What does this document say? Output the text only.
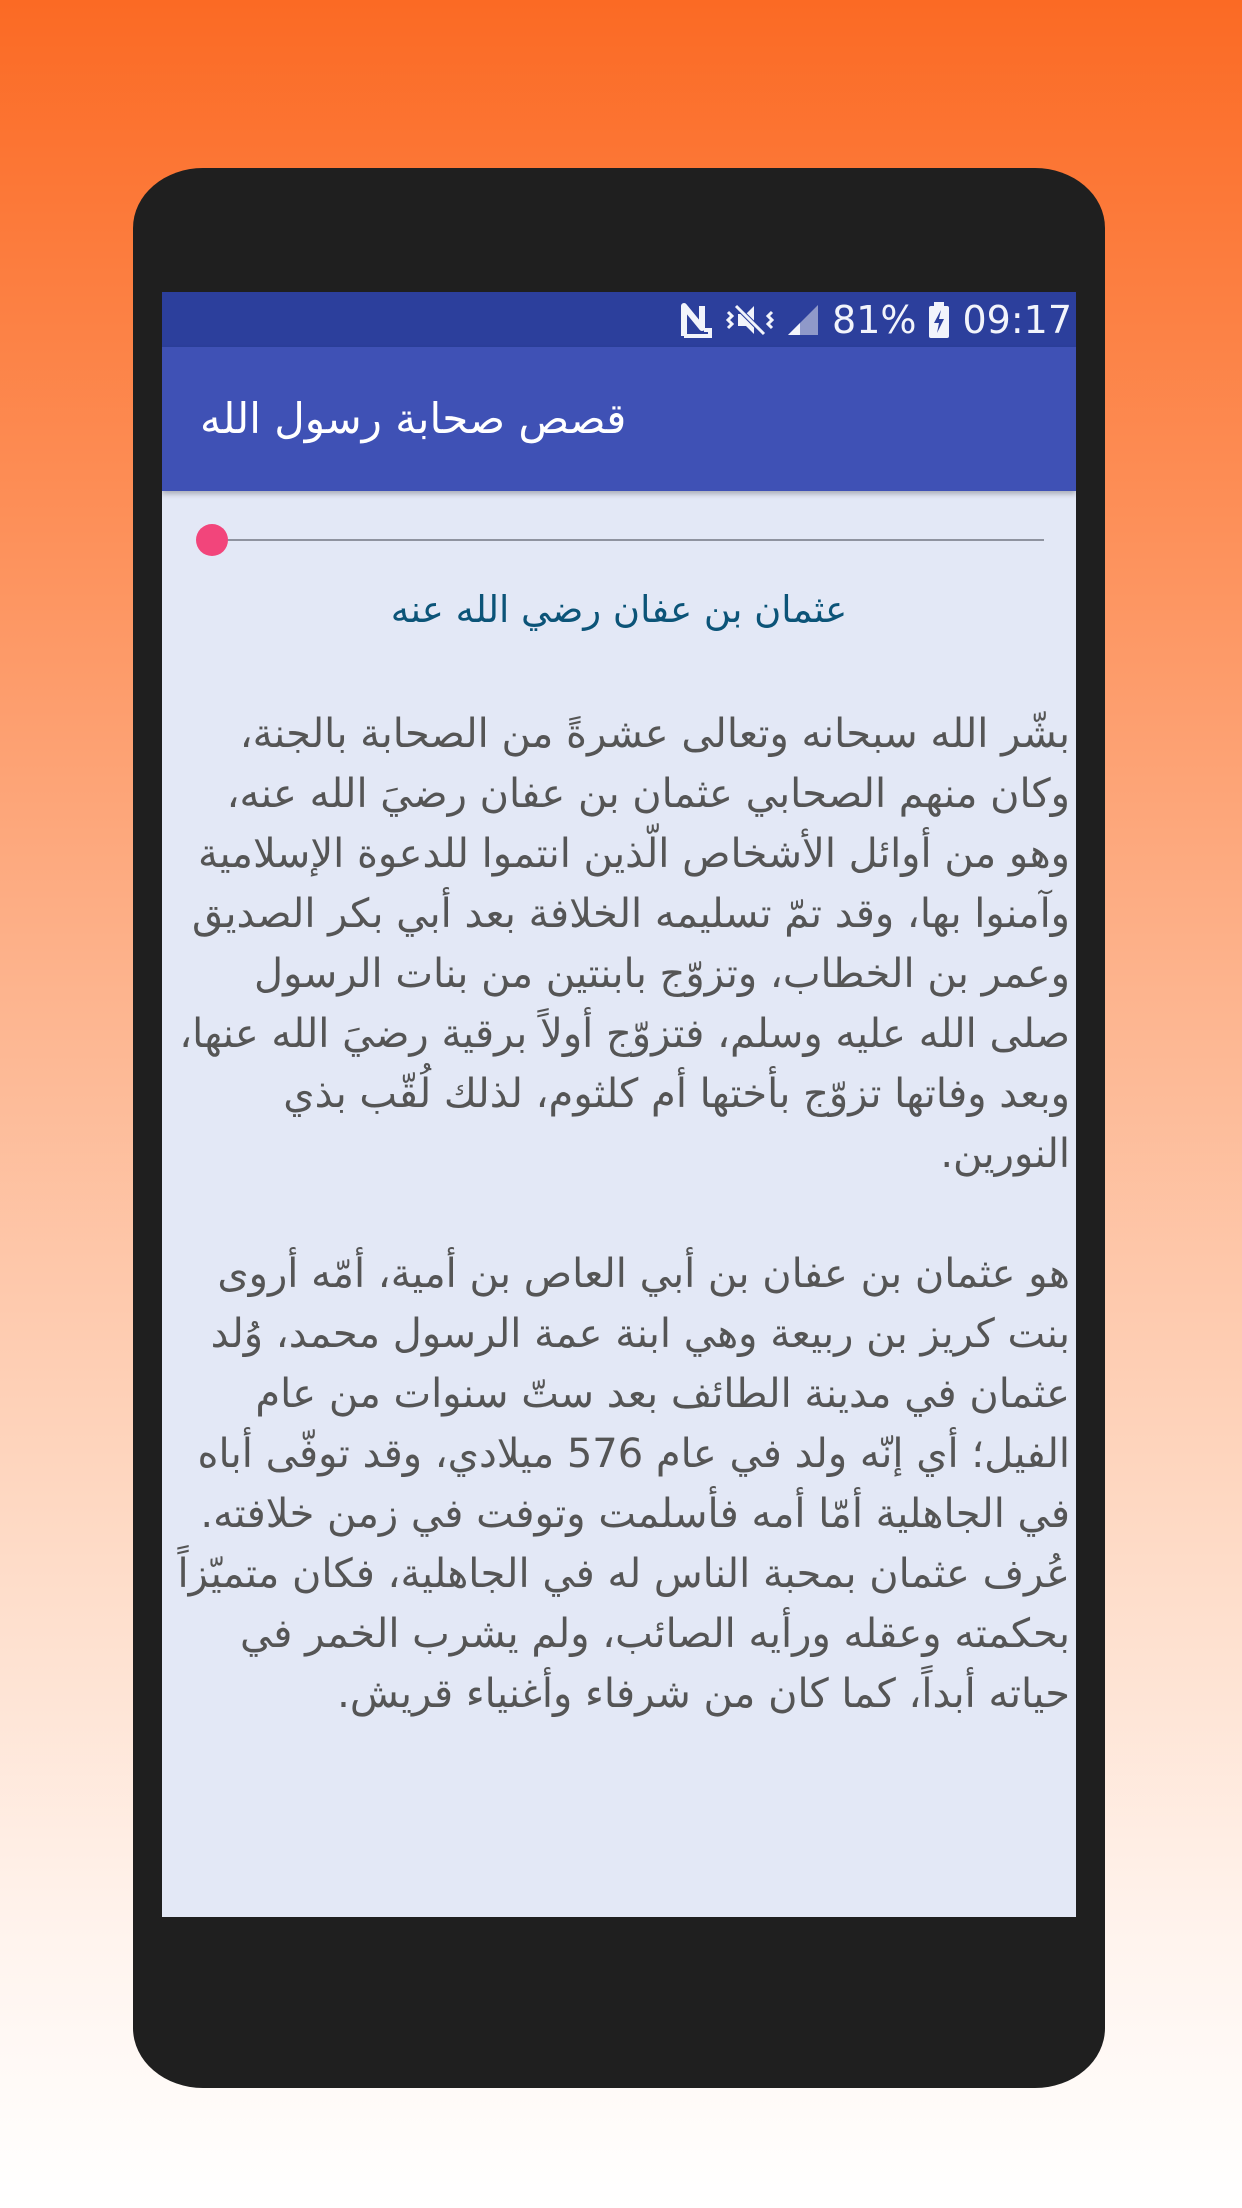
81% 09:17
قصص صحابة رسول الله
عثمان بن عفان رضي الله عنه

بشّر الله سبحانه وتعالى عشرةً من الصحابة بالجنة، وكان منهم الصحابي عثمان بن عفان رضيَ الله عنه، وهو من أوائل الأشخاص الّذين انتموا للدعوة الإسلامية وآمنوا بها، وقد تمّ تسليمه الخلافة بعد أبي بكر الصديق وعمر بن الخطاب، وتزوّج بابنتين من بنات الرسول صلى الله عليه وسلم، فتزوّج أولاً برقية رضيَ الله عنها، وبعد وفاتها تزوّج بأختها أم كلثوم، لذلك لُقّب بذي النورين.

هو عثمان بن عفان بن أبي العاص بن أمية، أمّه أروى بنت كريز بن ربيعة وهي ابنة عمة الرسول محمد، وُلد عثمان في مدينة الطائف بعد ستّ سنوات من عام الفيل؛ أي إنّه ولد في عام 576 ميلادي، وقد توفّى أباه في الجاهلية أمّا أمه فأسلمت وتوفت في زمن خلافته. عُرف عثمان بمحبة الناس له في الجاهلية، فكان متميّزاً بحكمته وعقله ورأيه الصائب، ولم يشرب الخمر في حياته أبداً، كما كان من شرفاء وأغنياء قريش.
